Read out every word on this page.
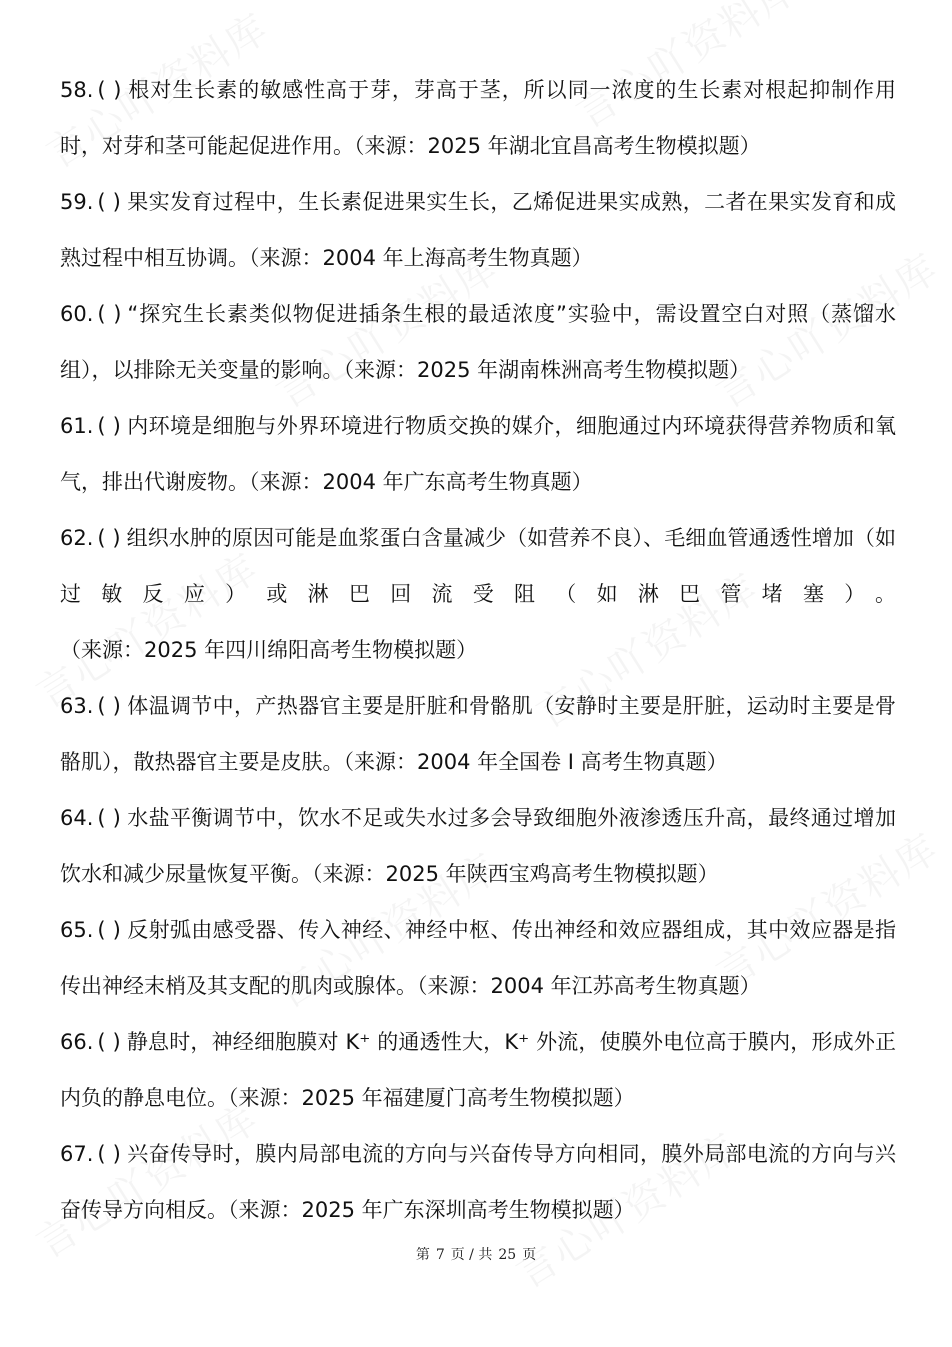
58. ( ) 根对生长素的敏感性高于芽，芽高于茎，所以同一浓度的生长素对根起抑制作用时，对芽和茎可能起促进作用。（来源：2025 年湖北宜昌高考生物模拟题）

59. ( ) 果实发育过程中，生长素促进果实生长，乙烯促进果实成熟，二者在果实发育和成熟过程中相互协调。（来源：2004 年上海高考生物真题）

60. ( ) “探究生长素类似物促进插条生根的最适浓度”实验中，需设置空白对照（蒸馏水组），以排除无关变量的影响。（来源：2025 年湖南株洲高考生物模拟题）

61. ( ) 内环境是细胞与外界环境进行物质交换的媒介，细胞通过内环境获得营养物质和氧气，排出代谢废物。（来源：2004 年广东高考生物真题）

62. ( ) 组织水肿的原因可能是血浆蛋白含量减少（如营养不良）、毛细血管通透性增加（如过敏反应）或淋巴回流受阻（如淋巴管堵塞）。（来源：2025 年四川绵阳高考生物模拟题）

63. ( ) 体温调节中，产热器官主要是肝脏和骨骼肌（安静时主要是肝脏，运动时主要是骨骼肌），散热器官主要是皮肤。（来源：2004 年全国卷 Ⅰ 高考生物真题）

64. ( ) 水盐平衡调节中，饮水不足或失水过多会导致细胞外液渗透压升高，最终通过增加饮水和减少尿量恢复平衡。（来源：2025 年陕西宝鸡高考生物模拟题）

65. ( ) 反射弧由感受器、传入神经、神经中枢、传出神经和效应器组成，其中效应器是指传出神经末梢及其支配的肌肉或腺体。（来源：2004 年江苏高考生物真题）

66. ( ) 静息时，神经细胞膜对 K⁺ 的通透性大，K⁺ 外流，使膜外电位高于膜内，形成外正内负的静息电位。（来源：2025 年福建厦门高考生物模拟题）

67. ( ) 兴奋传导时，膜内局部电流的方向与兴奋传导方向相同，膜外局部电流的方向与兴奋传导方向相反。（来源：2025 年广东深圳高考生物模拟题）

第 7 页 / 共 25 页
